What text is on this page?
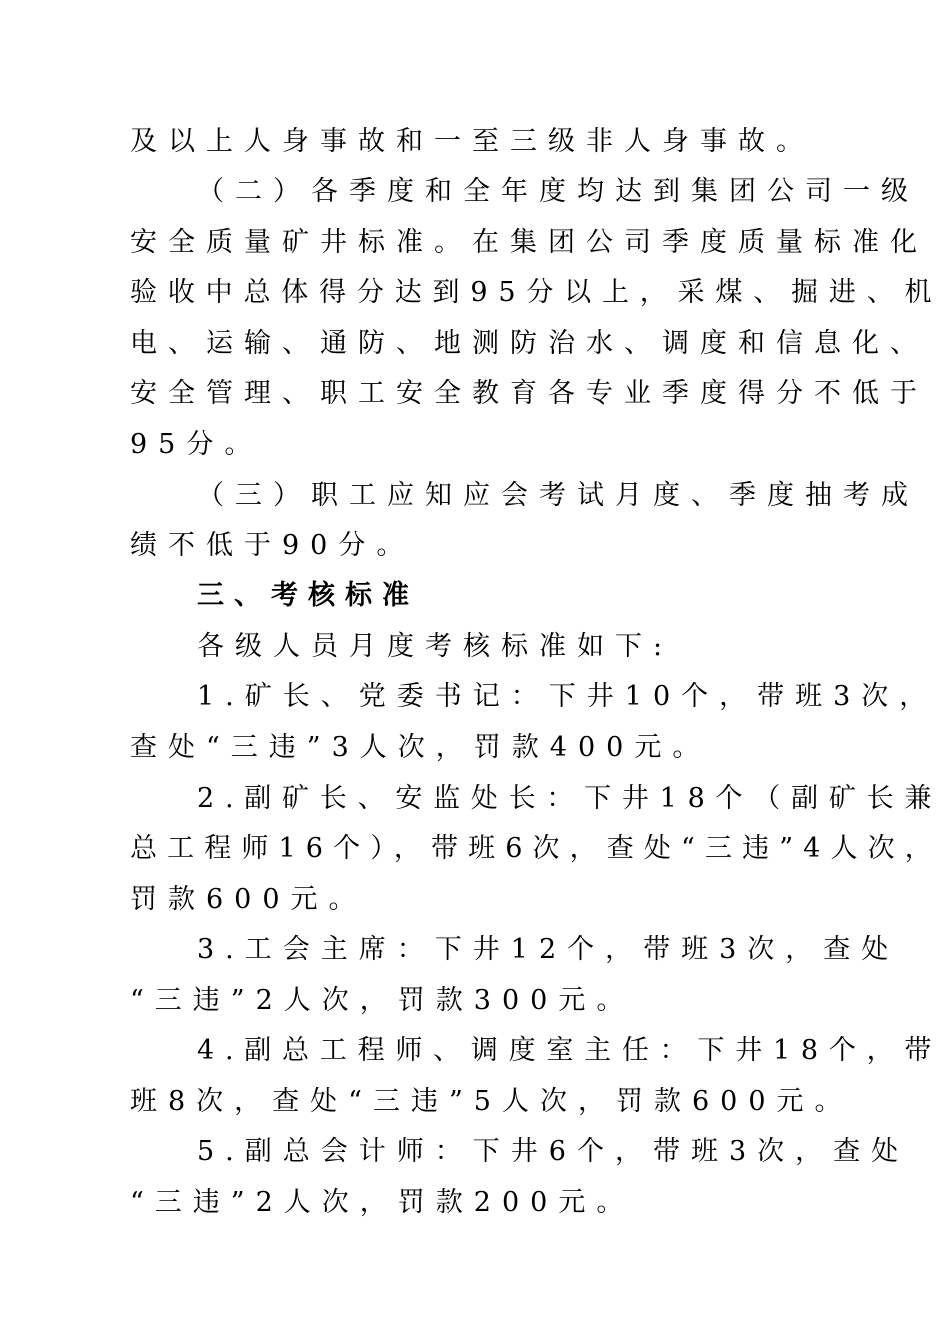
及以上人身事故和一至三级非人身事故。
（二）各季度和全年度均达到集团公司一级
安全质量矿井标准。在集团公司季度质量标准化
验收中总体得分达到95分以上，采煤、掘进、机
电、运输、通防、地测防治水、调度和信息化、
安全管理、职工安全教育各专业季度得分不低于
95分。
（三）职工应知应会考试月度、季度抽考成
绩不低于90分。
三、考核标准
各级人员月度考核标准如下:
1.矿长、党委书记：下井10个，带班3次，
查处“三违”3人次，罚款400元。
2.副矿长、安监处长：下井18个（副矿长兼
总工程师16个），带班6次，查处“三违”4人次，
罚款600元。
3.工会主席：下井12个，带班3次，查处
“三违”2人次，罚款300元。
4.副总工程师、调度室主任：下井18个，带
班8次，查处“三违”5人次，罚款600元。
5.副总会计师：下井6个，带班3次，查处
“三违”2人次，罚款200元。
